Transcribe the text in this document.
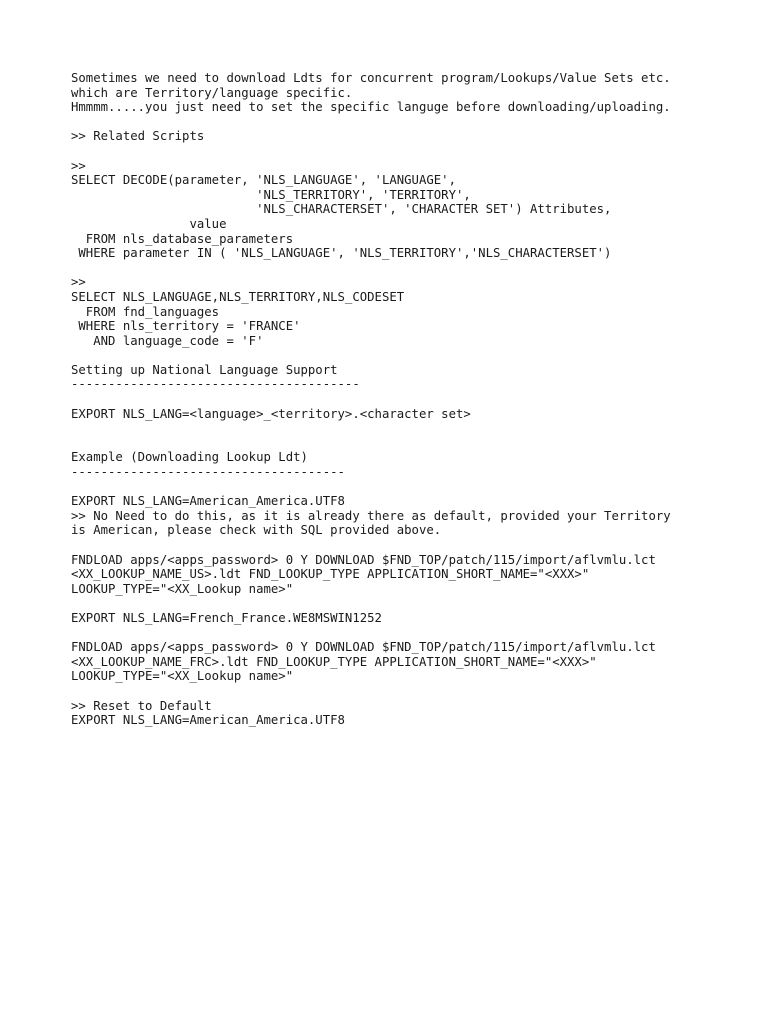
Sometimes we need to download Ldts for concurrent program/Lookups/Value Sets etc.
which are Territory/language specific.
Hmmmm.....you just need to set the specific languge before downloading/uploading.
>> Related Scripts
>>
SELECT DECODE(parameter, 'NLS_LANGUAGE', 'LANGUAGE',
'NLS_TERRITORY', 'TERRITORY',
'NLS_CHARACTERSET', 'CHARACTER SET') Attributes,
value
FROM nls_database_parameters
WHERE parameter IN ( 'NLS_LANGUAGE', 'NLS_TERRITORY','NLS_CHARACTERSET')
>>
SELECT NLS_LANGUAGE,NLS_TERRITORY,NLS_CODESET
FROM fnd_languages
WHERE nls_territory = 'FRANCE'
AND language_code = 'F'
Setting up National Language Support
---------------------------------------
EXPORT NLS_LANG=<language>_<territory>.<character set>
Example (Downloading Lookup Ldt)
-------------------------------------
EXPORT NLS_LANG=American_America.UTF8
>> No Need to do this, as it is already there as default, provided your Territory
is American, please check with SQL provided above.
FNDLOAD apps/<apps_password> 0 Y DOWNLOAD $FND_TOP/patch/115/import/aflvmlu.lct
<XX_LOOKUP_NAME_US>.ldt FND_LOOKUP_TYPE APPLICATION_SHORT_NAME="<XXX>"
LOOKUP_TYPE="<XX_Lookup name>"
EXPORT NLS_LANG=French_France.WE8MSWIN1252
FNDLOAD apps/<apps_password> 0 Y DOWNLOAD $FND_TOP/patch/115/import/aflvmlu.lct
<XX_LOOKUP_NAME_FRC>.ldt FND_LOOKUP_TYPE APPLICATION_SHORT_NAME="<XXX>"
LOOKUP_TYPE="<XX_Lookup name>"
>> Reset to Default
EXPORT NLS_LANG=American_America.UTF8
